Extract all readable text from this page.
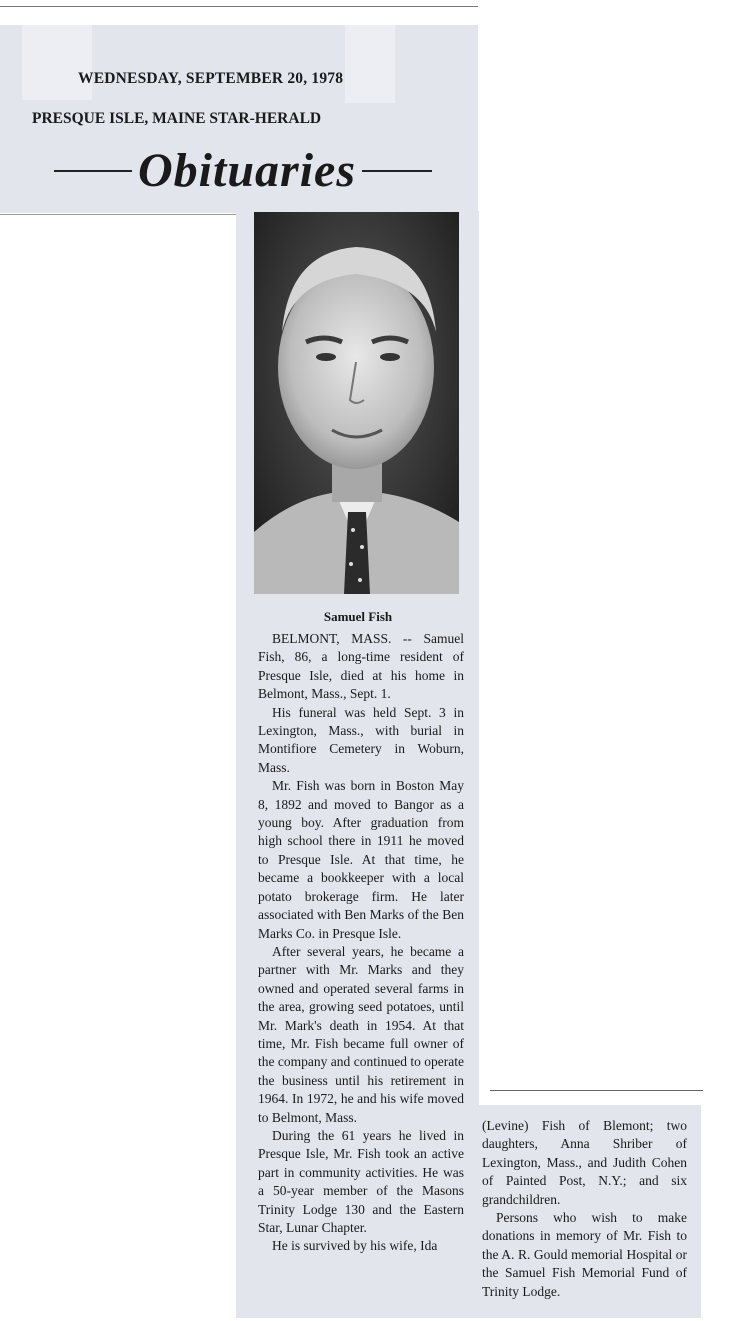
WEDNESDAY, SEPTEMBER 20, 1978
PRESQUE ISLE, MAINE STAR-HERALD
Obituaries
Samuel Fish

BELMONT, MASS. -- Samuel Fish, 86, a long-time resident of Presque Isle, died at his home in Belmont, Mass., Sept. 1.

His funeral was held Sept. 3 in Lexington, Mass., with burial in Montifiore Cemetery in Woburn, Mass.

Mr. Fish was born in Boston May 8, 1892 and moved to Bangor as a young boy. After graduation from high school there in 1911 he moved to Presque Isle. At that time, he became a bookkeeper with a local potato brokerage firm. He later associated with Ben Marks of the Ben Marks Co. in Presque Isle.

After several years, he became a partner with Mr. Marks and they owned and operated several farms in the area, growing seed potatoes, until Mr. Mark's death in 1954. At that time, Mr. Fish became full owner of the company and continued to operate the business until his retirement in 1964. In 1972, he and his wife moved to Belmont, Mass.

During the 61 years he lived in Presque Isle, Mr. Fish took an active part in community activities. He was a 50-year member of the Masons Trinity Lodge 130 and the Eastern Star, Lunar Chapter.

He is survived by his wife, Ida

(Levine) Fish of Blemont; two daughters, Anna Shriber of Lexington, Mass., and Judith Cohen of Painted Post, N.Y.; and six grandchildren.

Persons who wish to make donations in memory of Mr. Fish to the A. R. Gould memorial Hospital or the Samuel Fish Memorial Fund of Trinity Lodge.
